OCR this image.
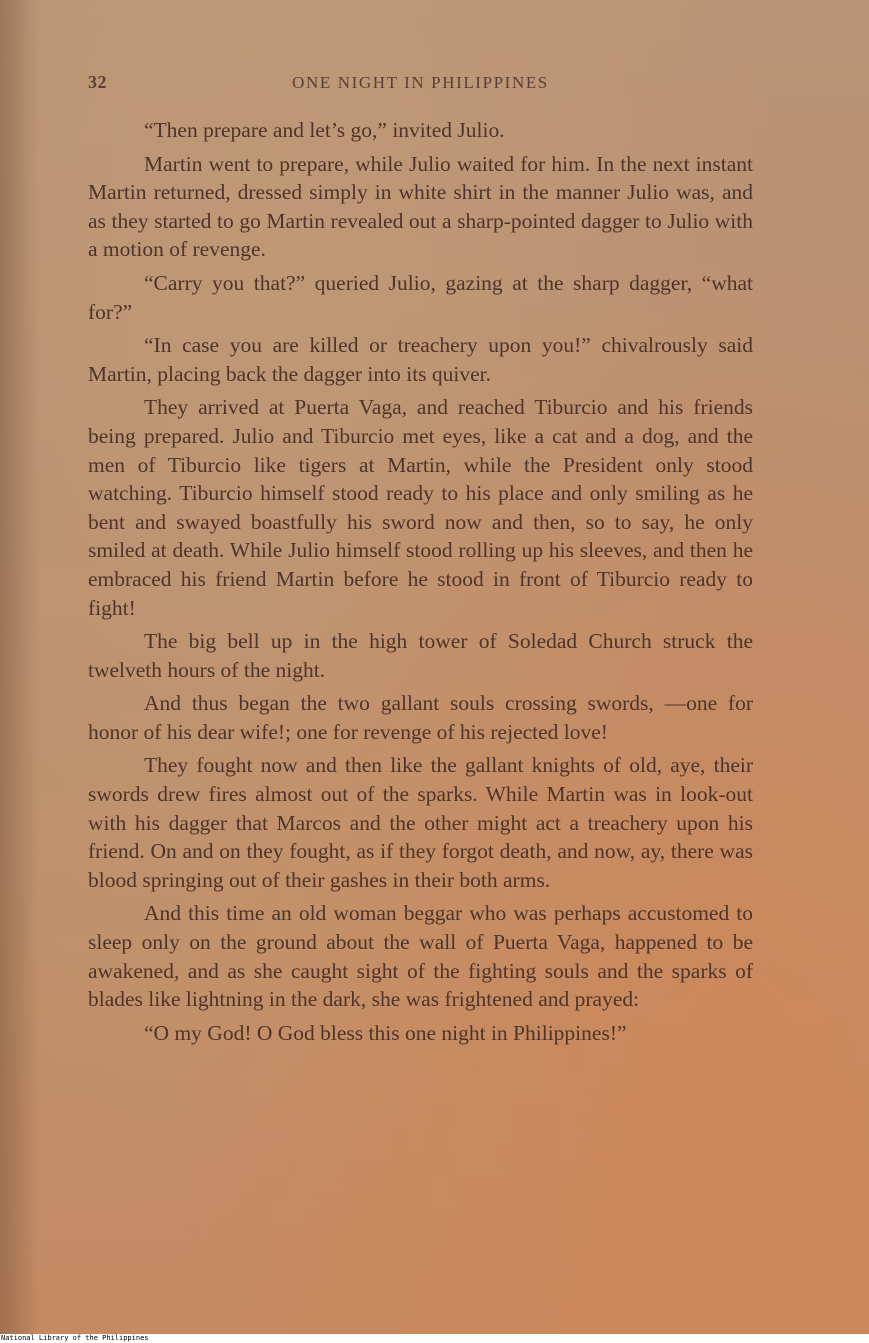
32	ONE NIGHT IN PHILIPPINES

“Then prepare and let’s go,” invited Julio.

Martin went to prepare, while Julio waited for him. In the next instant Martin returned, dressed simply in white shirt in the manner Julio was, and as they started to go Martin revealed out a sharp-pointed dagger to Julio with a motion of revenge.

“Carry you that?” queried Julio, gazing at the sharp dagger, “what for?”

“In case you are killed or treachery upon you!” chivalrously said Martin, placing back the dagger into its quiver.

They arrived at Puerta Vaga, and reached Tiburcio and his friends being prepared. Julio and Tiburcio met eyes, like a cat and a dog, and the men of Tiburcio like tigers at Martin, while the President only stood watching. Tiburcio himself stood ready to his place and only smiling as he bent and swayed boastfully his sword now and then, so to say, he only smiled at death. While Julio himself stood rolling up his sleeves, and then he embraced his friend Martin before he stood in front of Tiburcio ready to fight!

The big bell up in the high tower of Soledad Church struck the twelveth hours of the night.

And thus began the two gallant souls crossing swords, —one for honor of his dear wife!; one for revenge of his rejected love!

They fought now and then like the gallant knights of old, aye, their swords drew fires almost out of the sparks. While Martin was in look-out with his dagger that Marcos and the other might act a treachery upon his friend. On and on they fought, as if they forgot death, and now, ay, there was blood springing out of their gashes in their both arms.

And this time an old woman beggar who was perhaps accustomed to sleep only on the ground about the wall of Puerta Vaga, happened to be awakened, and as she caught sight of the fighting souls and the sparks of blades like lightning in the dark, she was frightened and prayed:

“O my God! O God bless this one night in Philippines!”

National Library of the Philippines
